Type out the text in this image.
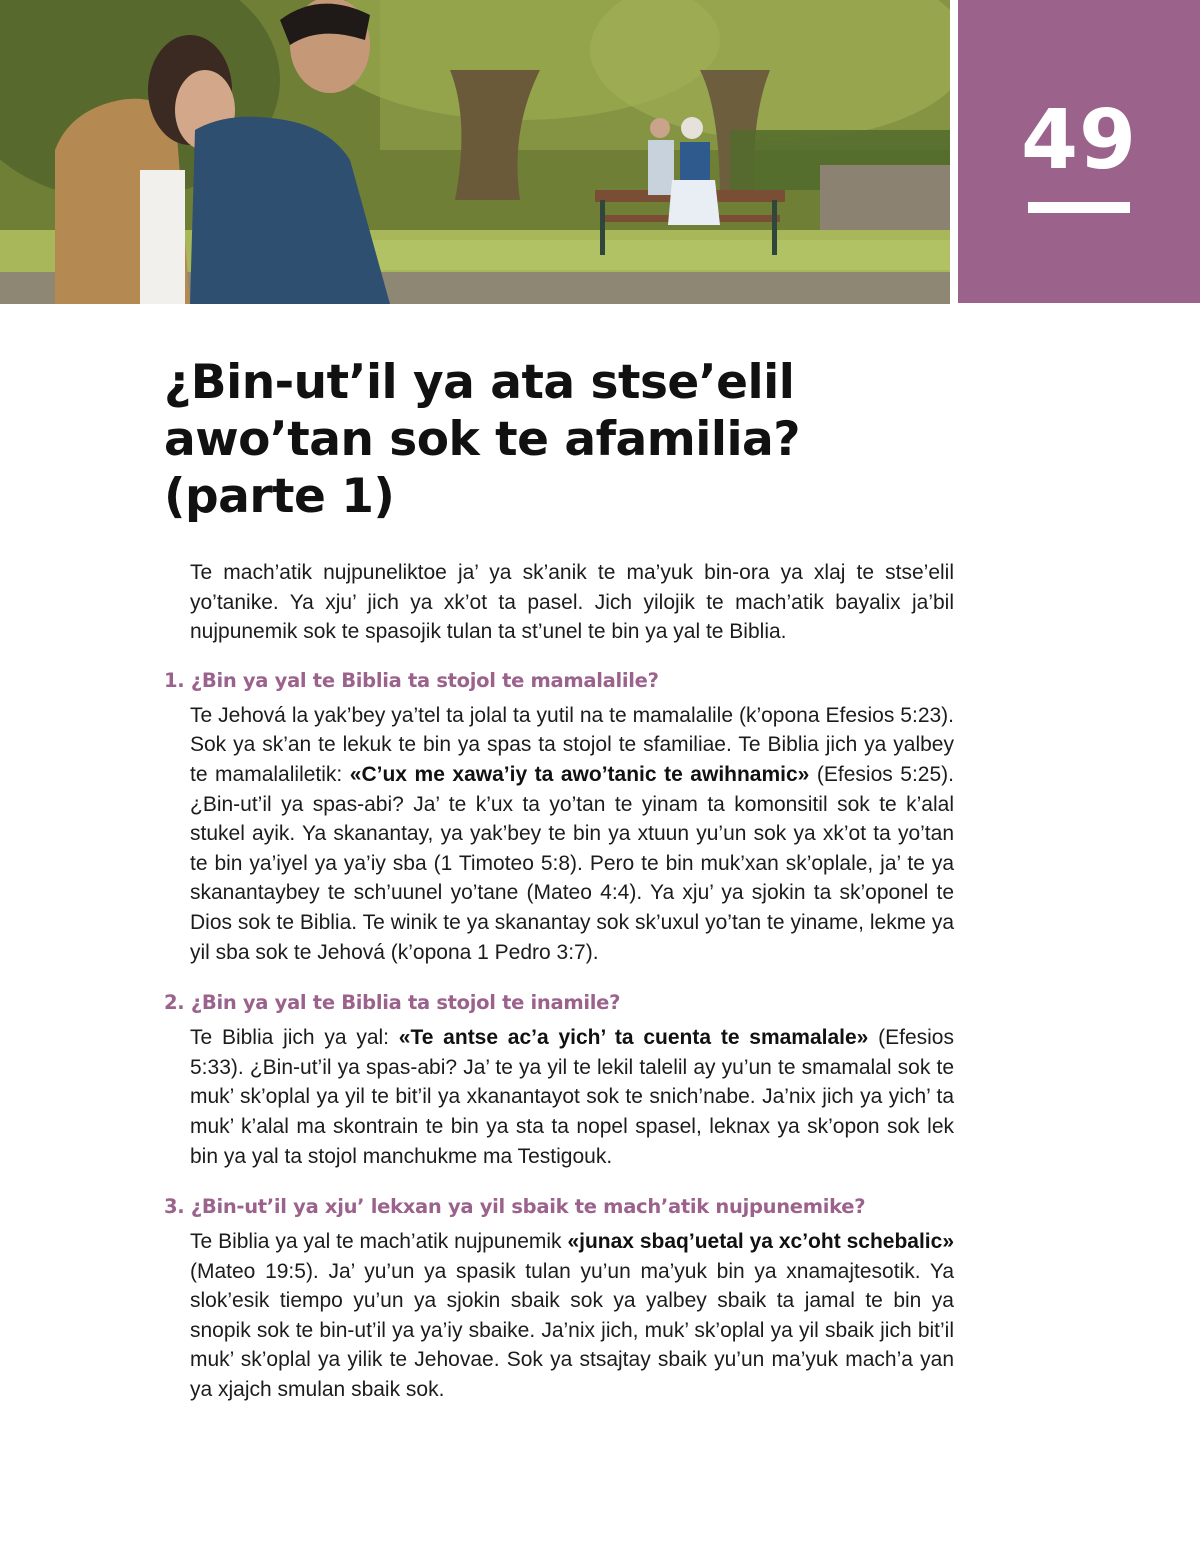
49
¿Bin-ut’il ya ata stse’elil
awo’tan sok te afamilia?
(parte 1)

Te mach’atik nujpuneliktoe ja’ ya sk’anik te ma’yuk bin-ora ya xlaj te stse’elil yo’tanike. Ya xju’ jich ya xk’ot ta pasel. Jich yilojik te mach’atik bayalix ja’bil nujpunemik sok te spasojik tulan ta st’unel te bin ya yal te Biblia.

1. ¿Bin ya yal te Biblia ta stojol te mamalalile?

Te Jehová la yak’bey ya’tel ta jolal ta yutil na te mamalalile (k’opona Efesios 5:23). Sok ya sk’an te lekuk te bin ya spas ta stojol te sfamiliae. Te Biblia jich ya yalbey te mamalaliletik: «C’ux me xawa’iy ta awo’tanic te awihnamic» (Efesios 5:25). ¿Bin-ut’il ya spas-abi? Ja’ te k’ux ta yo’tan te yinam ta komonsitil sok te k’alal stukel ayik. Ya skanantay, ya yak’bey te bin ya xtuun yu’un sok ya xk’ot ta yo’tan te bin ya’iyel ya ya’iy sba (1 Timoteo 5:8). Pero te bin muk’xan sk’oplale, ja’ te ya skanantaybey te sch’uunel yo’tane (Mateo 4:4). Ya xju’ ya sjokin ta sk’oponel te Dios sok te Biblia. Te winik te ya skanantay sok sk’uxul yo’tan te yiname, lekme ya yil sba sok te Jehová (k’opona 1 Pedro 3:7).

2. ¿Bin ya yal te Biblia ta stojol te inamile?

Te Biblia jich ya yal: «Te antse ac’a yich’ ta cuenta te smamalale» (Efesios 5:33). ¿Bin-ut’il ya spas-abi? Ja’ te ya yil te lekil talelil ay yu’un te smamalal sok te muk’ sk’oplal ya yil te bit’il ya xkanantayot sok te snich’nabe. Ja’nix jich ya yich’ ta muk’ k’alal ma skontrain te bin ya sta ta nopel spasel, leknax ya sk’opon sok lek bin ya yal ta stojol manchukme ma Testigouk.

3. ¿Bin-ut’il ya xju’ lekxan ya yil sbaik te mach’atik nujpunemike?

Te Biblia ya yal te mach’atik nujpunemik «junax sbaq’uetal ya xc’oht schebalic» (Mateo 19:5). Ja’ yu’un ya spasik tulan yu’un ma’yuk bin ya xnamajtesotik. Ya slok’esik tiempo yu’un ya sjokin sbaik sok ya yalbey sbaik ta jamal te bin ya snopik sok te bin-ut’il ya ya’iy sbaike. Ja’nix jich, muk’ sk’oplal ya yil sbaik jich bit’il muk’ sk’oplal ya yilik te Jehovae. Sok ya stsajtay sbaik yu’un ma’yuk mach’a yan ya xjajch smulan sbaik sok.
